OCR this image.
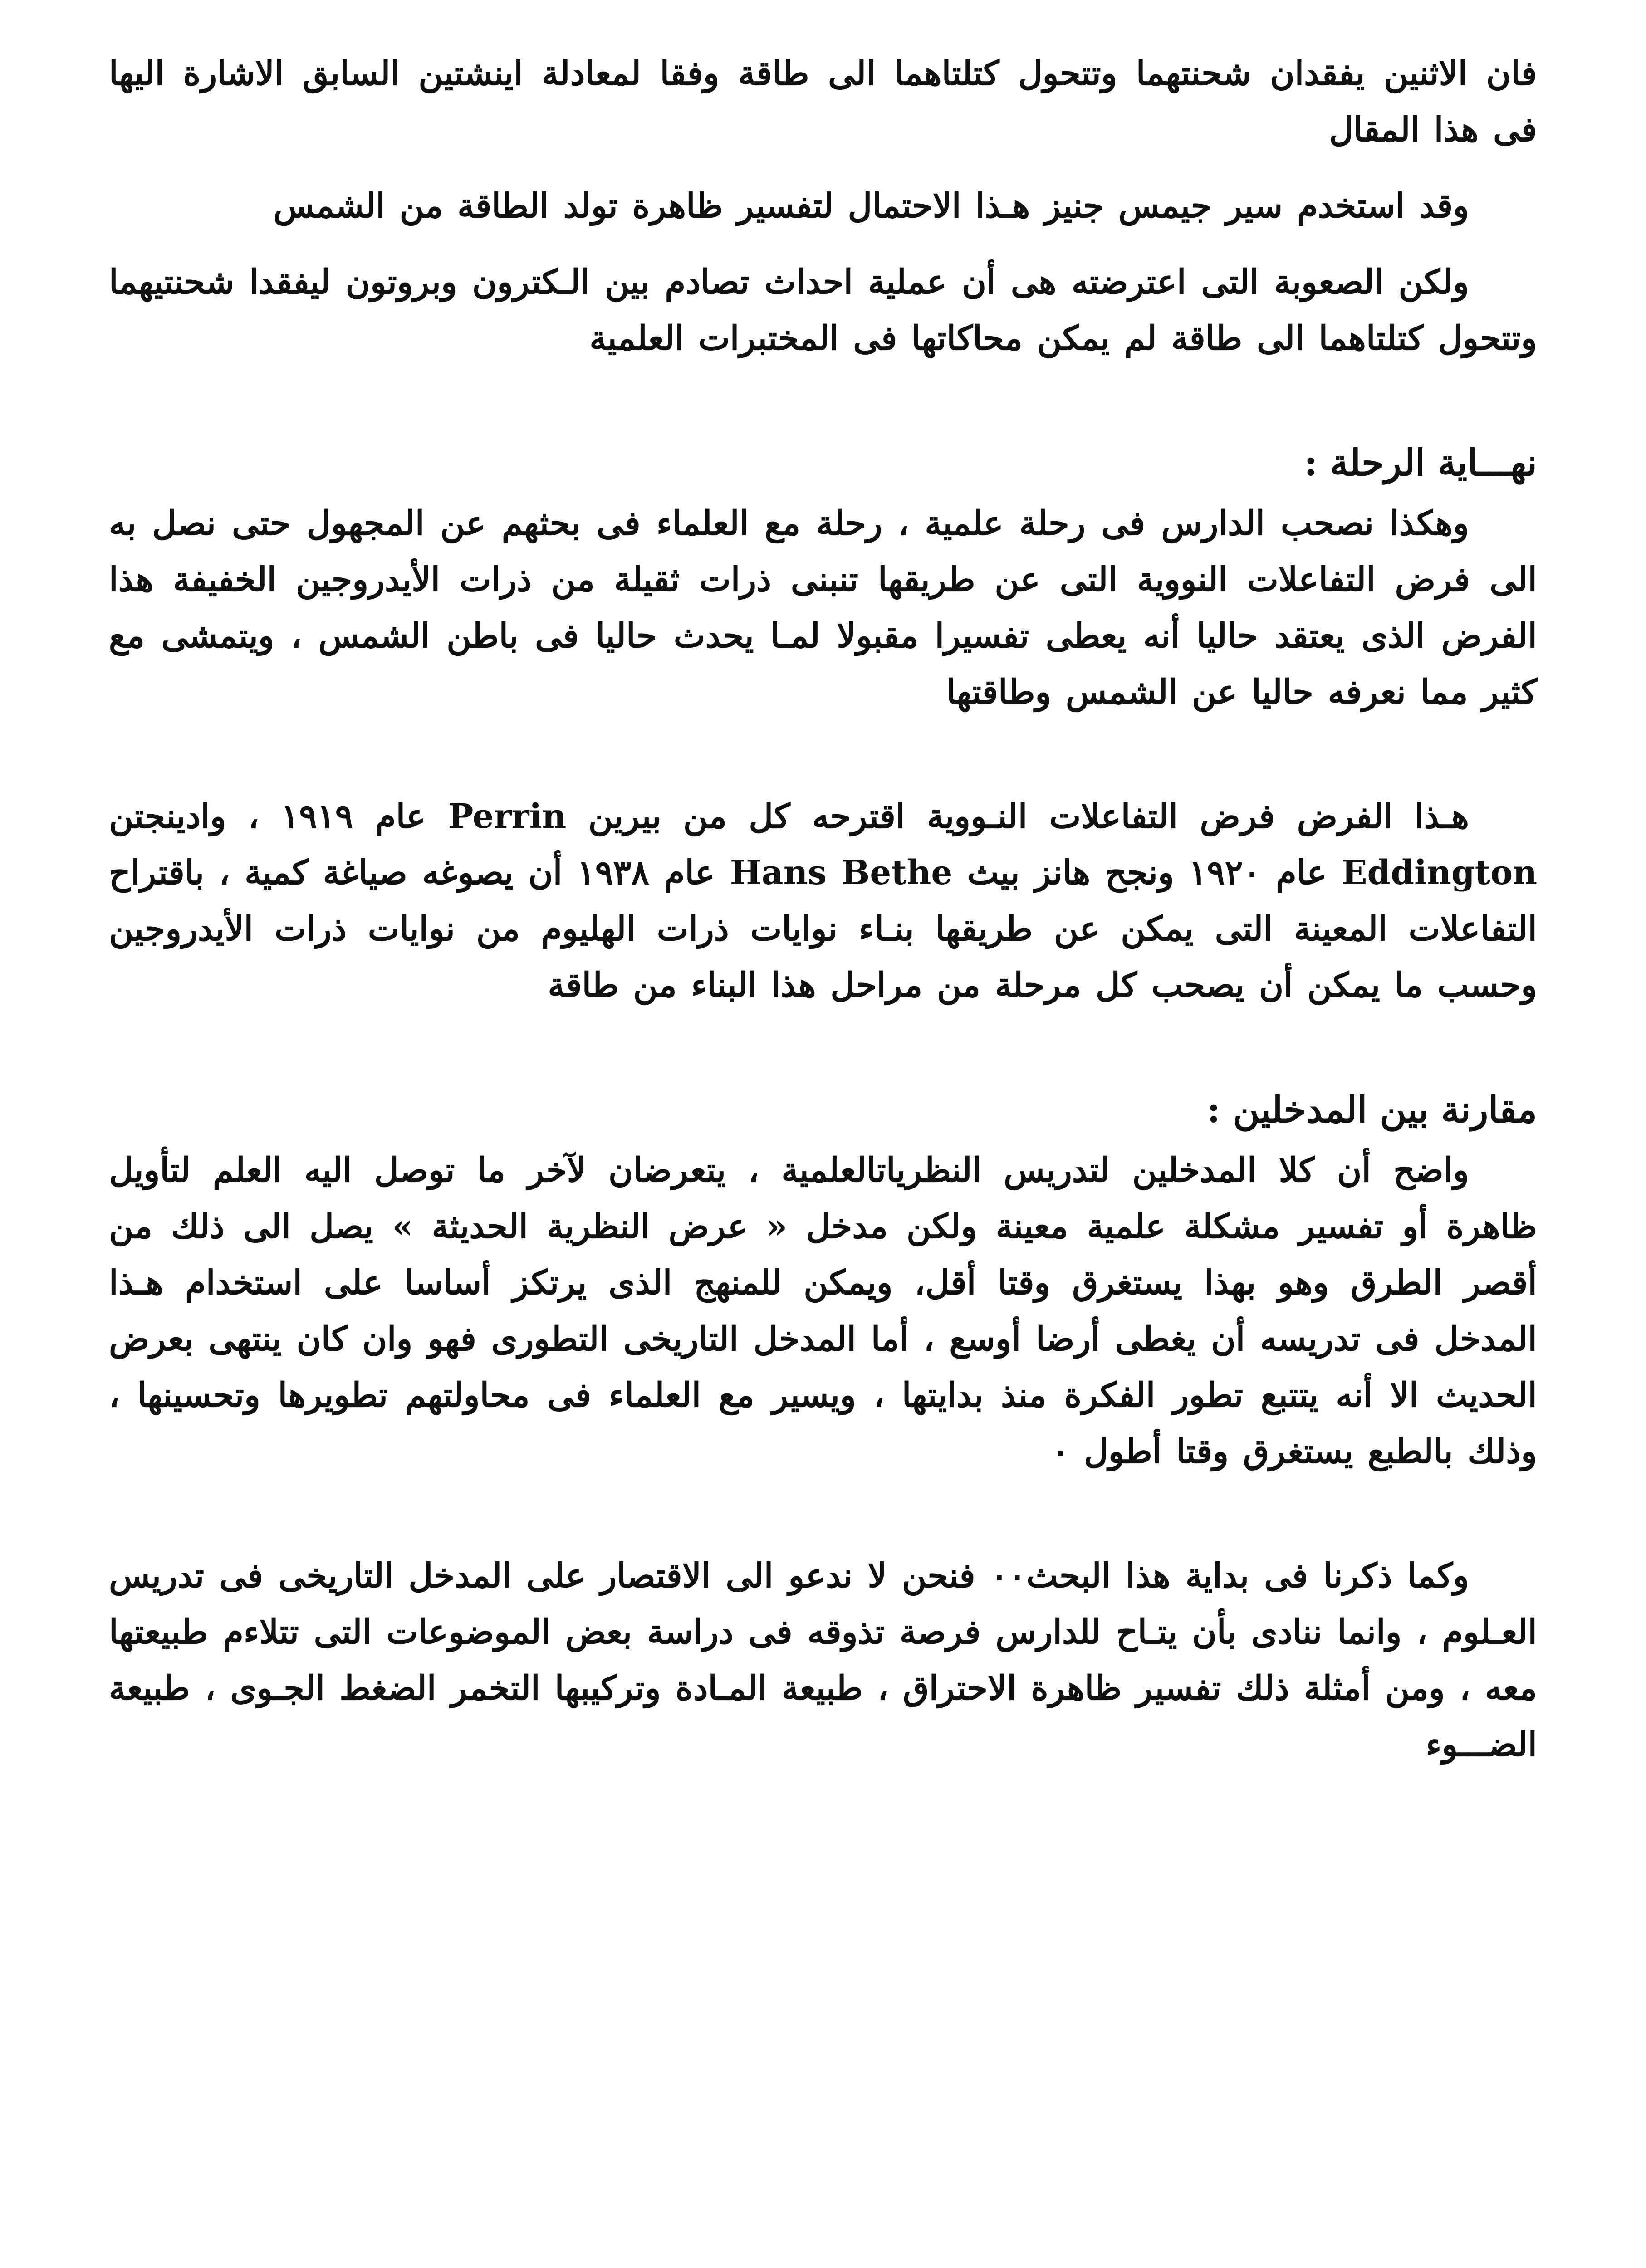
فان الاثنين يفقدان شحنتهما وتتحول كتلتاهما الى طاقة وفقا لمعادلة اينشتين السابق الاشارة اليها فى هذا المقال

وقد استخدم سير جيمس جنيز هـذا الاحتمال لتفسير ظاهرة تولد الطاقة من الشمس

ولكن الصعوبة التى اعترضته هى أن عملية احداث تصادم بين الـكترون وبروتون ليفقدا شحنتيهما وتتحول كتلتاهما الى طاقة لم يمكن محاكاتها فى المختبرات العلمية

نهـــاية الرحلة :

وهكذا نصحب الدارس فى رحلة علمية ، رحلة مع العلماء فى بحثهم عن المجهول حتى نصل به الى فرض التفاعلات النووية التى عن طريقها تنبنى ذرات ثقيلة من ذرات الأيدروجين الخفيفة هذا الفرض الذى يعتقد حاليا أنه يعطى تفسيرا مقبولا لمـا يحدث حاليا فى باطن الشمس ، ويتمشى مع كثير مما نعرفه حاليا عن الشمس وطاقتها

هـذا الفرض فرض التفاعلات النـووية اقترحه كل من بيرين Perrin عام ١٩١٩ ، وادينجتن Eddington عام ١٩٢٠ ونجح هانز بيث Hans Bethe عام ١٩٣٨ أن يصوغه صياغة كمية ، باقتراح التفاعلات المعينة التى يمكن عن طريقها بنـاء نوايات ذرات الهليوم من نوايات ذرات الأيدروجين وحسب ما يمكن أن يصحب كل مرحلة من مراحل هذا البناء من طاقة

مقارنة بين المدخلين :

واضح أن كلا المدخلين لتدريس النظرياتالعلمية ، يتعرضان لآخر ما توصل اليه العلم لتأويل ظاهرة أو تفسير مشكلة علمية معينة ولكن مدخل « عرض النظرية الحديثة » يصل الى ذلك من أقصر الطرق وهو بهذا يستغرق وقتا أقل، ويمكن للمنهج الذى يرتكز أساسا على استخدام هـذا المدخل فى تدريسه أن يغطى أرضا أوسع ، أما المدخل التاريخى التطورى فهو وان كان ينتهى بعرض الحديث الا أنه يتتبع تطور الفكرة منذ بدايتها ، ويسير مع العلماء فى محاولتهم تطويرها وتحسينها ، وذلك بالطبع يستغرق وقتا أطول ٠

وكما ذكرنا فى بداية هذا البحث٠٠ فنحن لا ندعو الى الاقتصار على المدخل التاريخى فى تدريس العـلوم ، وانما ننادى بأن يتـاح للدارس فرصة تذوقه فى دراسة بعض الموضوعات التى تتلاءم طبيعتها معه ، ومن أمثلة ذلك تفسير ظاهرة الاحتراق ، طبيعة المـادة وتركيبها التخمر الضغط الجـوى ، طبيعة الضـــوء
